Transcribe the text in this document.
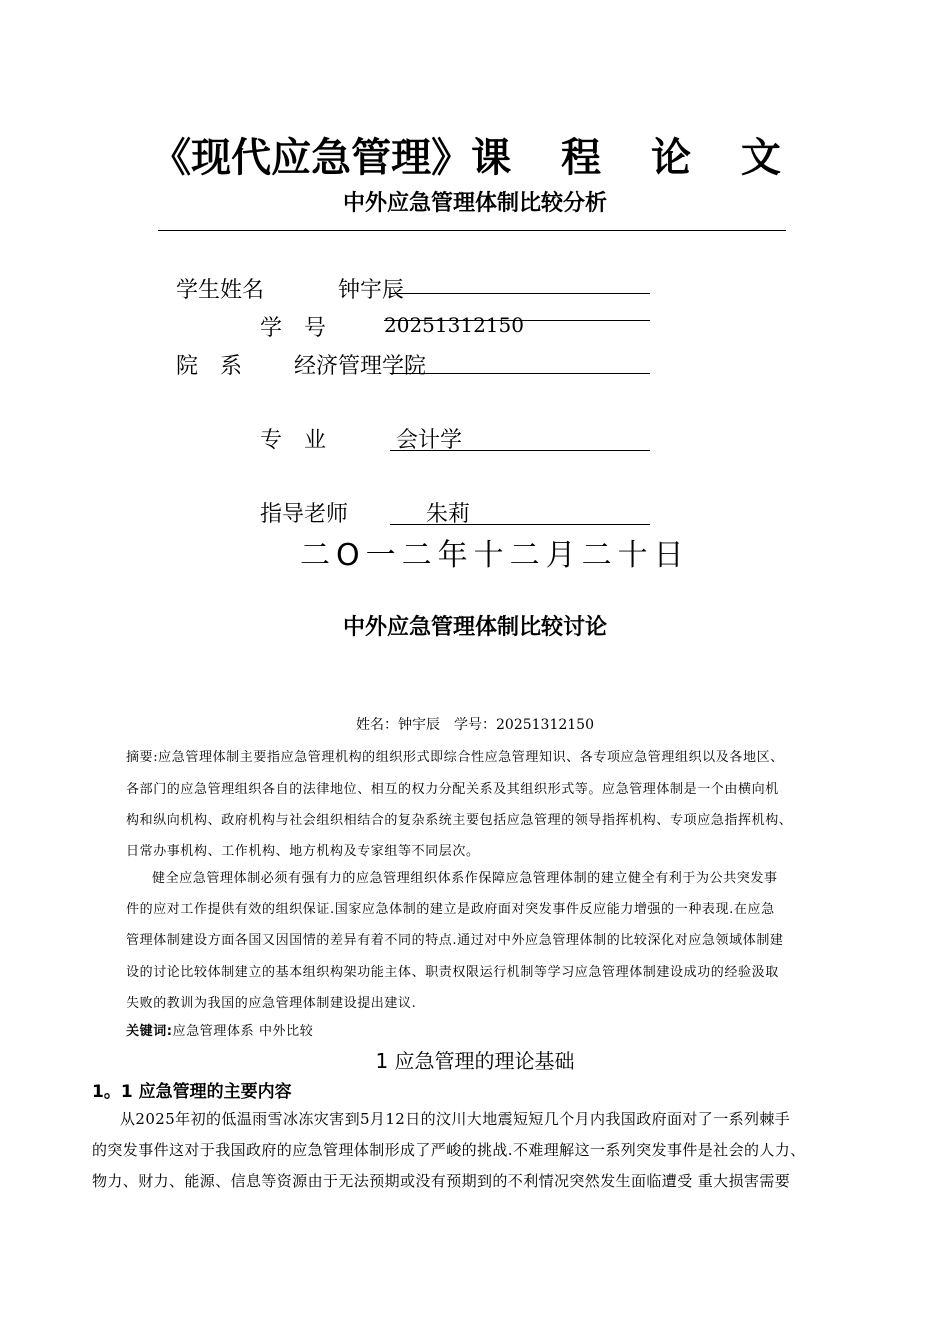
《现代应急管理》课 程 论 文
中外应急管理体制比较分析
学生姓名	钟宇辰
学　号	20251312150
院　系 经济管理学院
专　业	会计学
指导老师	朱莉
二O一二年十二月二十日
中外应急管理体制比较讨论
姓名：钟宇辰　学号：20251312150
摘要:应急管理体制主要指应急管理机构的组织形式即综合性应急管理知识、各专项应急管理组织以及各地区、
各部门的应急管理组织各自的法律地位、相互的权力分配关系及其组织形式等。应急管理体制是一个由横向机
构和纵向机构、政府机构与社会组织相结合的复杂系统主要包括应急管理的领导指挥机构、专项应急指挥机构、
日常办事机构、工作机构、地方机构及专家组等不同层次。
健全应急管理体制必须有强有力的应急管理组织体系作保障应急管理体制的建立健全有利于为公共突发事
件的应对工作提供有效的组织保证.国家应急体制的建立是政府面对突发事件反应能力增强的一种表现.在应急
管理体制建设方面各国又因国情的差异有着不同的特点.通过对中外应急管理体制的比较深化对应急领域体制建
设的讨论比较体制建立的基本组织构架功能主体、职责权限运行机制等学习应急管理体制建设成功的经验汲取
失败的教训为我国的应急管理体制建设提出建议.
关键词:应急管理体系 中外比较
1 应急管理的理论基础
1。1 应急管理的主要内容
从2025年初的低温雨雪冰冻灾害到5月12日的汶川大地震短短几个月内我国政府面对了一系列棘手
的突发事件这对于我国政府的应急管理体制形成了严峻的挑战.不难理解这一系列突发事件是社会的人力、
物力、财力、能源、信息等资源由于无法预期或没有预期到的不利情况突然发生面临遭受 重大损害需要
